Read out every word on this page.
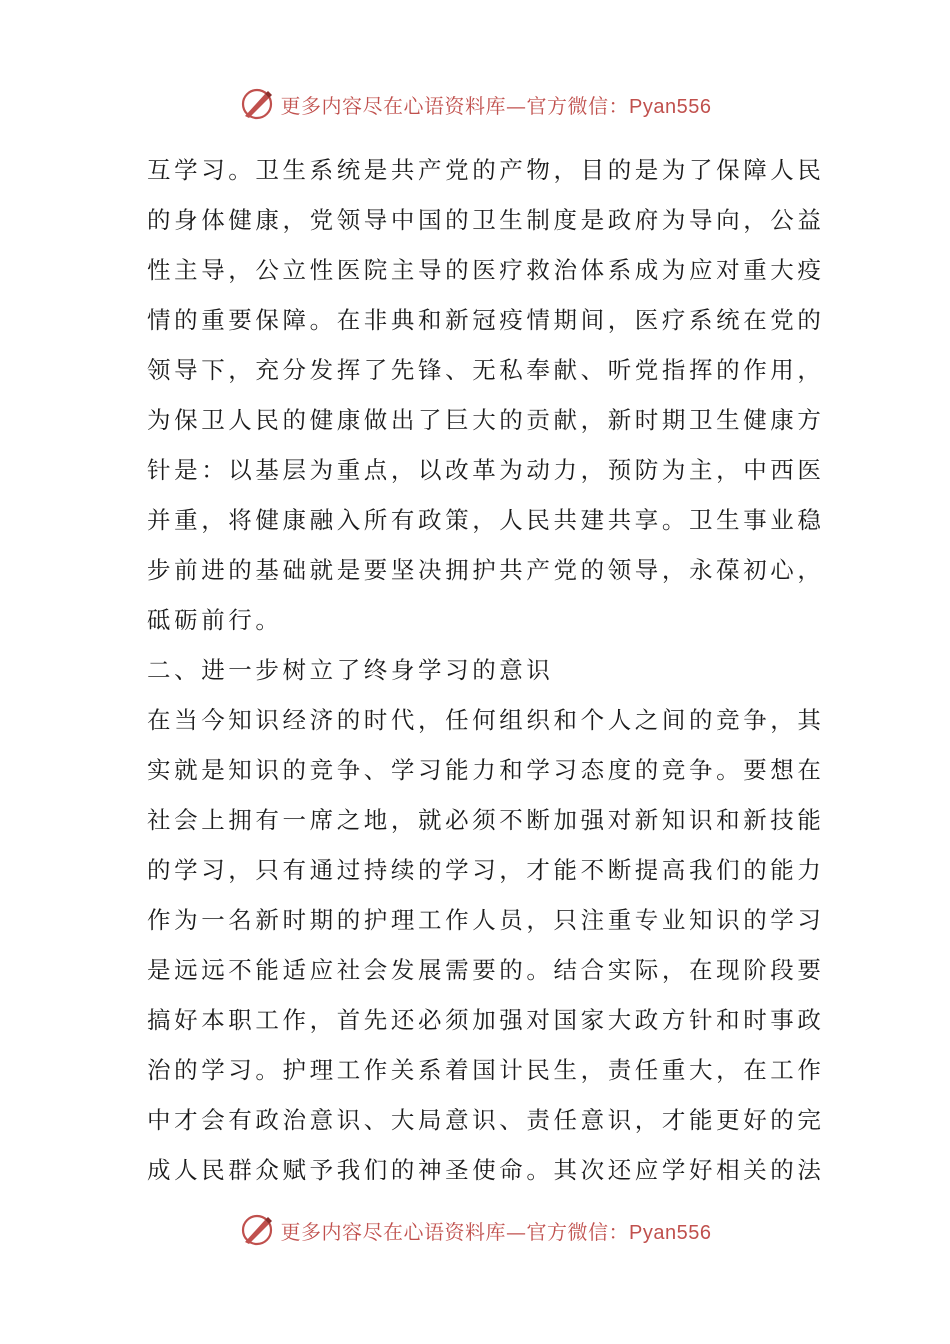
更多内容尽在心语资料库—官方微信：Pyan556
互学习。卫生系统是共产党的产物，目的是为了保障人民
的身体健康，党领导中国的卫生制度是政府为导向，公益
性主导，公立性医院主导的医疗救治体系成为应对重大疫
情的重要保障。在非典和新冠疫情期间，医疗系统在党的
领导下，充分发挥了先锋、无私奉献、听党指挥的作用，
为保卫人民的健康做出了巨大的贡献，新时期卫生健康方
针是：以基层为重点，以改革为动力，预防为主，中西医
并重，将健康融入所有政策，人民共建共享。卫生事业稳
步前进的基础就是要坚决拥护共产党的领导，永葆初心，
砥砺前行。
二、进一步树立了终身学习的意识
在当今知识经济的时代，任何组织和个人之间的竞争，其
实就是知识的竞争、学习能力和学习态度的竞争。要想在
社会上拥有一席之地，就必须不断加强对新知识和新技能
的学习，只有通过持续的学习，才能不断提高我们的能力
作为一名新时期的护理工作人员，只注重专业知识的学习
是远远不能适应社会发展需要的。结合实际，在现阶段要
搞好本职工作，首先还必须加强对国家大政方针和时事政
治的学习。护理工作关系着国计民生，责任重大，在工作
中才会有政治意识、大局意识、责任意识，才能更好的完
成人民群众赋予我们的神圣使命。其次还应学好相关的法
更多内容尽在心语资料库—官方微信：Pyan556
